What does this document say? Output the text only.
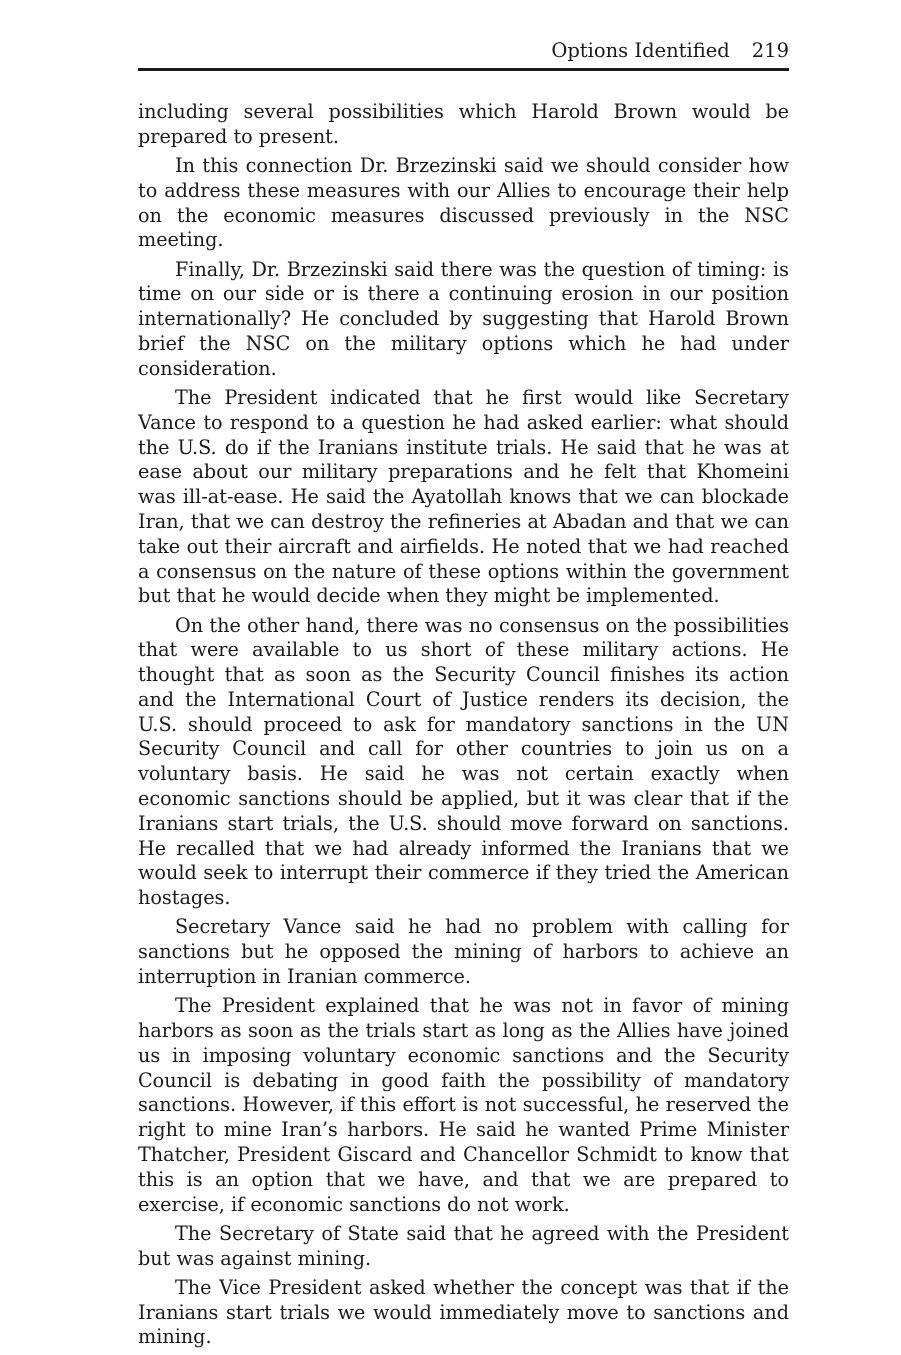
Options Identified 219

including several possibilities which Harold Brown would be prepared to present.

In this connection Dr. Brzezinski said we should consider how to address these measures with our Allies to encourage their help on the economic measures discussed previously in the NSC meeting.

Finally, Dr. Brzezinski said there was the question of timing: is time on our side or is there a continuing erosion in our position internationally? He concluded by suggesting that Harold Brown brief the NSC on the military options which he had under consideration.

The President indicated that he first would like Secretary Vance to respond to a question he had asked earlier: what should the U.S. do if the Iranians institute trials. He said that he was at ease about our military preparations and he felt that Khomeini was ill-at-ease. He said the Ayatollah knows that we can blockade Iran, that we can destroy the refineries at Abadan and that we can take out their aircraft and airfields. He noted that we had reached a consensus on the nature of these options within the government but that he would decide when they might be implemented.

On the other hand, there was no consensus on the possibilities that were available to us short of these military actions. He thought that as soon as the Security Council finishes its action and the International Court of Justice renders its decision, the U.S. should proceed to ask for mandatory sanctions in the UN Security Council and call for other countries to join us on a voluntary basis. He said he was not certain exactly when economic sanctions should be applied, but it was clear that if the Iranians start trials, the U.S. should move forward on sanctions. He recalled that we had already informed the Iranians that we would seek to interrupt their commerce if they tried the American hostages.

Secretary Vance said he had no problem with calling for sanctions but he opposed the mining of harbors to achieve an interruption in Iranian commerce.

The President explained that he was not in favor of mining harbors as soon as the trials start as long as the Allies have joined us in imposing voluntary economic sanctions and the Security Council is debating in good faith the possibility of mandatory sanctions. However, if this effort is not successful, he reserved the right to mine Iran’s harbors. He said he wanted Prime Minister Thatcher, President Giscard and Chancellor Schmidt to know that this is an option that we have, and that we are prepared to exercise, if economic sanctions do not work.

The Secretary of State said that he agreed with the President but was against mining.

The Vice President asked whether the concept was that if the Iranians start trials we would immediately move to sanctions and mining.
